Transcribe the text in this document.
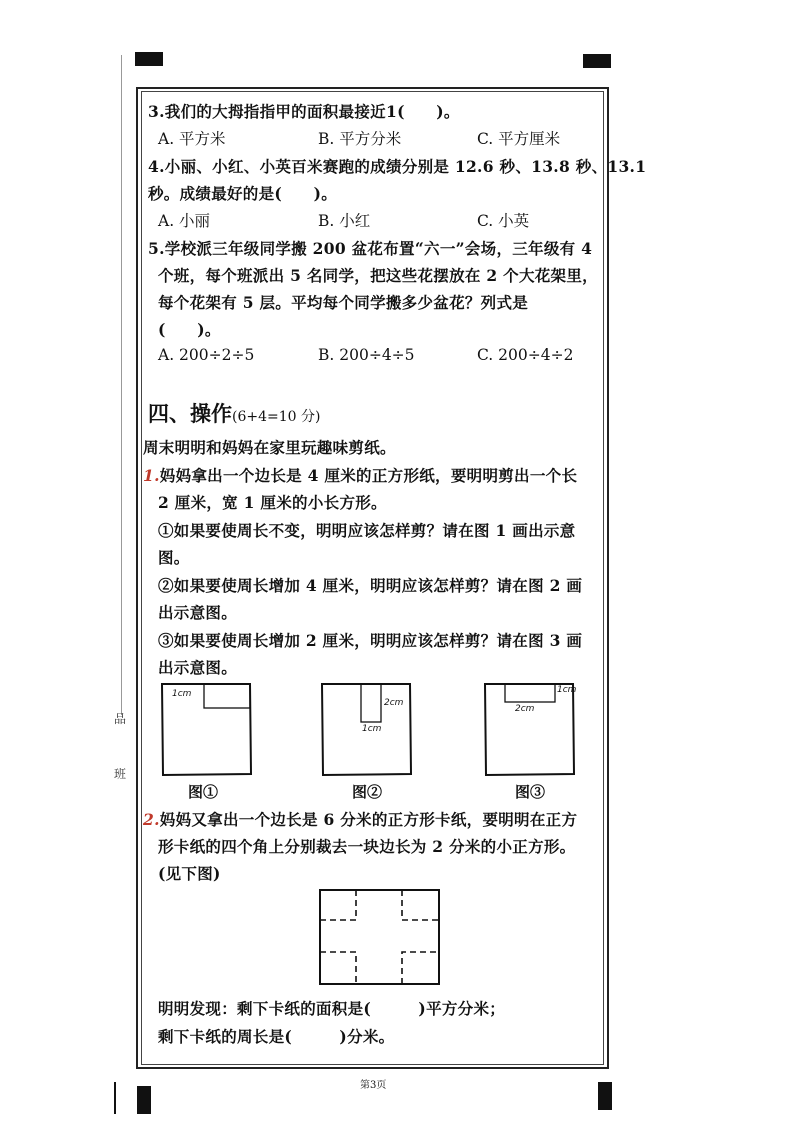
品
班
3.我们的大拇指指甲的面积最接近1(　　)。
A. 平方米	B. 平方分米	C. 平方厘米
4.小丽、小红、小英百米赛跑的成绩分别是 12.6 秒、13.8 秒、13.1
秒。成绩最好的是(　　)。
A. 小丽	B. 小红	C. 小英
5.学校派三年级同学搬 200 盆花布置“六一”会场，三年级有 4
个班，每个班派出 5 名同学，把这些花摆放在 2 个大花架里，
每个花架有 5 层。平均每个同学搬多少盆花？列式是
(　　)。
A. 200÷2÷5	B. 200÷4÷5	C. 200÷4÷2
四、操作(6+4=10 分)
周末明明和妈妈在家里玩趣味剪纸。
1.妈妈拿出一个边长是 4 厘米的正方形纸，要明明剪出一个长
2 厘米，宽 1 厘米的小长方形。
①如果要使周长不变，明明应该怎样剪？请在图 1 画出示意
图。
②如果要使周长增加 4 厘米，明明应该怎样剪？请在图 2 画
出示意图。
③如果要使周长增加 2 厘米，明明应该怎样剪？请在图 3 画
出示意图。
1cm
图①
2cm
1cm
图②
1cm
2cm
图③
2.妈妈又拿出一个边长是 6 分米的正方形卡纸，要明明在正方
形卡纸的四个角上分别裁去一块边长为 2 分米的小正方形。
(见下图)
明明发现：剩下卡纸的面积是(　　　)平方分米；
剩下卡纸的周长是(　　　)分米。
第3页
